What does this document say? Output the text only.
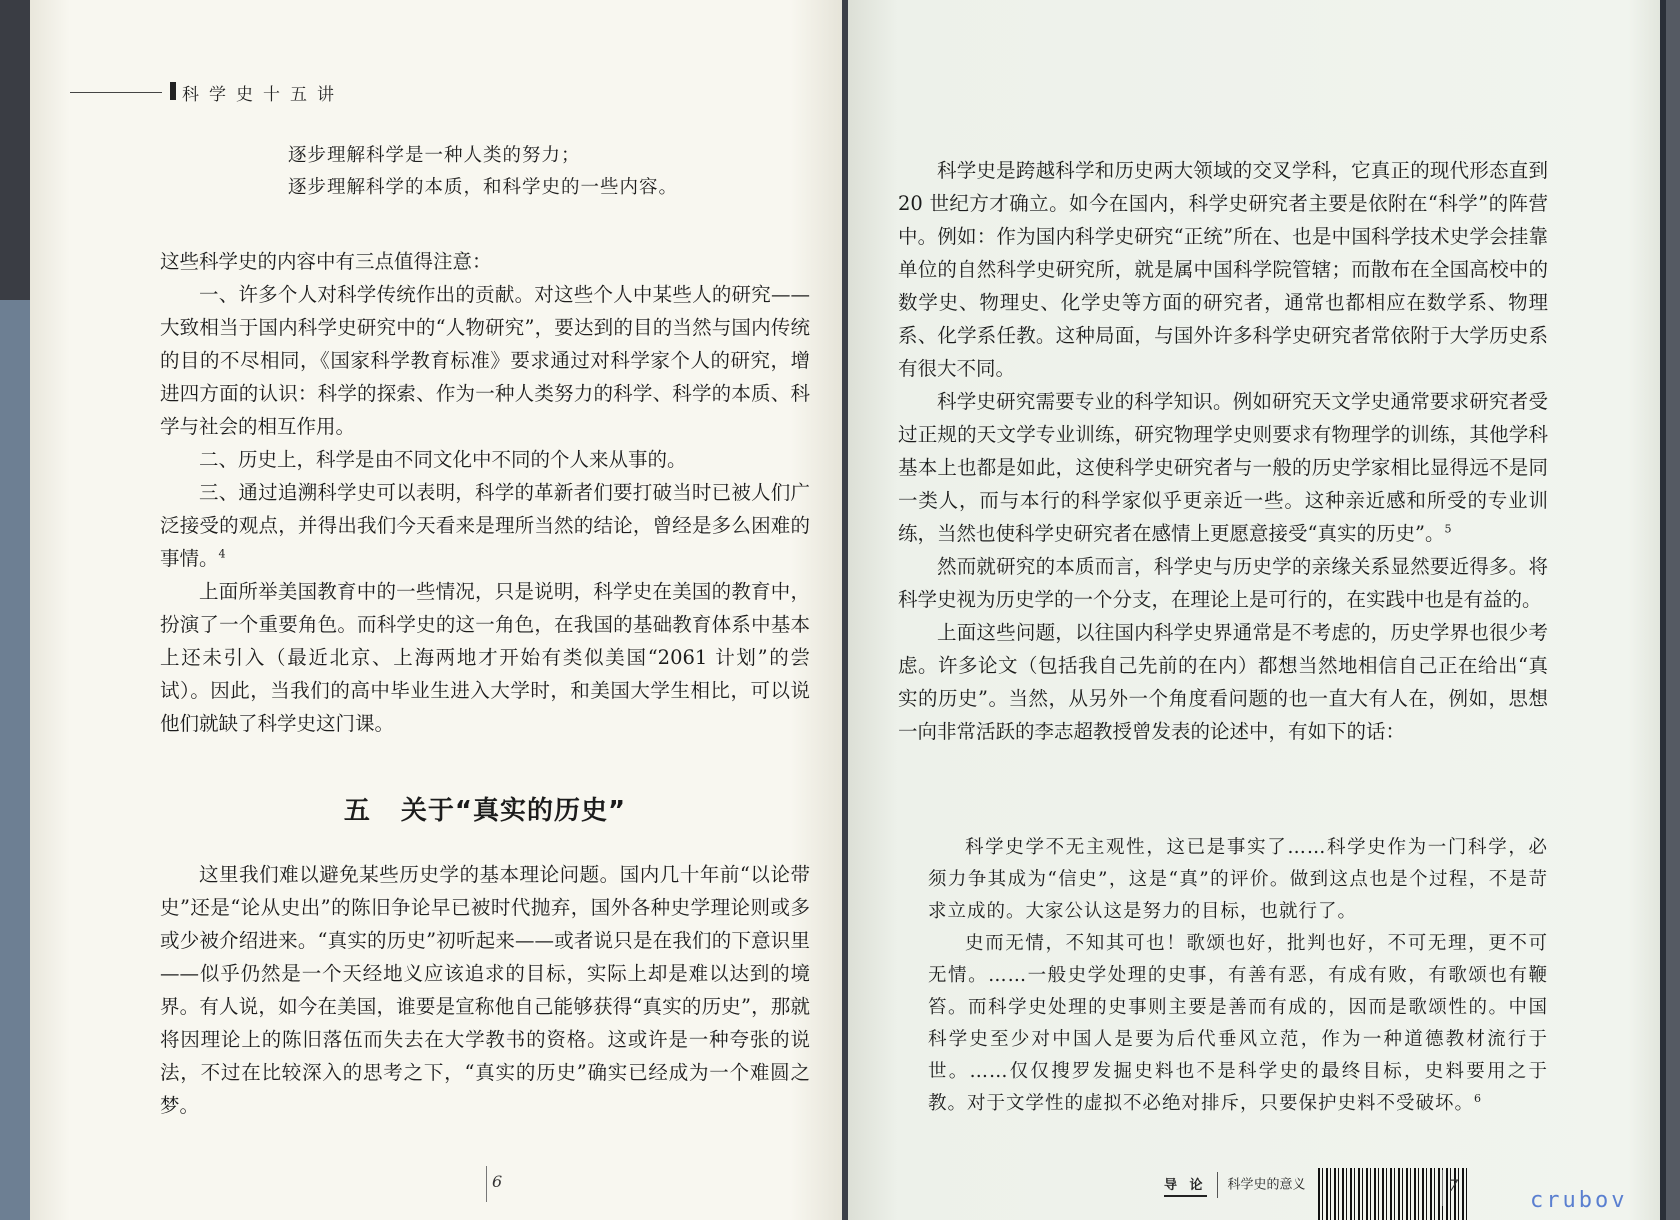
科学史十五讲

逐步理解科学是一种人类的努力；

逐步理解科学的本质，和科学史的一些内容。

这些科学史的内容中有三点值得注意：

一、许多个人对科学传统作出的贡献。对这些个人中某些人的研究——大致相当于国内科学史研究中的“人物研究”，要达到的目的当然与国内传统的目的不尽相同，《国家科学教育标准》要求通过对科学家个人的研究，增进四方面的认识：科学的探索、作为一种人类努力的科学、科学的本质、科学与社会的相互作用。

二、历史上，科学是由不同文化中不同的个人来从事的。

三、通过追溯科学史可以表明，科学的革新者们要打破当时已被人们广泛接受的观点，并得出我们今天看来是理所当然的结论，曾经是多么困难的事情。$^4$

上面所举美国教育中的一些情况，只是说明，科学史在美国的教育中，扮演了一个重要角色。而科学史的这一角色，在我国的基础教育体系中基本上还未引入（最近北京、上海两地才开始有类似美国“2061 计划”的尝试）。因此，当我们的高中毕业生进入大学时，和美国大学生相比，可以说他们就缺了科学史这门课。

五 关于“真实的历史”

这里我们难以避免某些历史学的基本理论问题。国内几十年前“以论带史”还是“论从史出”的陈旧争论早已被时代抛弃，国外各种史学理论则或多或少被介绍进来。“真实的历史”初听起来——或者说只是在我们的下意识里——似乎仍然是一个天经地义应该追求的目标，实际上却是难以达到的境界。有人说，如今在美国，谁要是宣称他自己能够获得“真实的历史”，那就将因理论上的陈旧落伍而失去在大学教书的资格。这或许是一种夸张的说法，不过在比较深入的思考之下，“真实的历史”确实已经成为一个难圆之梦。

6

科学史是跨越科学和历史两大领域的交叉学科，它真正的现代形态直到 20 世纪方才确立。如今在国内，科学史研究者主要是依附在“科学”的阵营中。例如：作为国内科学史研究“正统”所在、也是中国科学技术史学会挂靠单位的自然科学史研究所，就是属中国科学院管辖；而散布在全国高校中的数学史、物理史、化学史等方面的研究者，通常也都相应在数学系、物理系、化学系任教。这种局面，与国外许多科学史研究者常依附于大学历史系有很大不同。

科学史研究需要专业的科学知识。例如研究天文学史通常要求研究者受过正规的天文学专业训练，研究物理学史则要求有物理学的训练，其他学科基本上也都是如此，这使科学史研究者与一般的历史学家相比显得远不是同一类人，而与本行的科学家似乎更亲近一些。这种亲近感和所受的专业训练，当然也使科学史研究者在感情上更愿意接受“真实的历史”。$^5$

然而就研究的本质而言，科学史与历史学的亲缘关系显然要近得多。将科学史视为历史学的一个分支，在理论上是可行的，在实践中也是有益的。

上面这些问题，以往国内科学史界通常是不考虑的，历史学界也很少考虑。许多论文（包括我自己先前的在内）都想当然地相信自己正在给出“真实的历史”。当然，从另外一个角度看问题的也一直大有人在，例如，思想一向非常活跃的李志超教授曾发表的论述中，有如下的话：

科学史学不无主观性，这已是事实了……科学史作为一门科学，必须力争其成为“信史”，这是“真”的评价。做到这点也是个过程，不是苛求立成的。大家公认这是努力的目标，也就行了。

史而无情，不知其可也！歌颂也好，批判也好，不可无理，更不可无情。……一般史学处理的史事，有善有恶，有成有败，有歌颂也有鞭笞。而科学史处理的史事则主要是善而有成的，因而是歌颂性的。中国科学史至少对中国人是要为后代垂风立范，作为一种道德教材流行于世。……仅仅搜罗发掘史料也不是科学史的最终目标，史料要用之于教。对于文学性的虚拟不必绝对排斥，只要保护史料不受破坏。$^6$

导 论 科学史的意义	7
crubov
